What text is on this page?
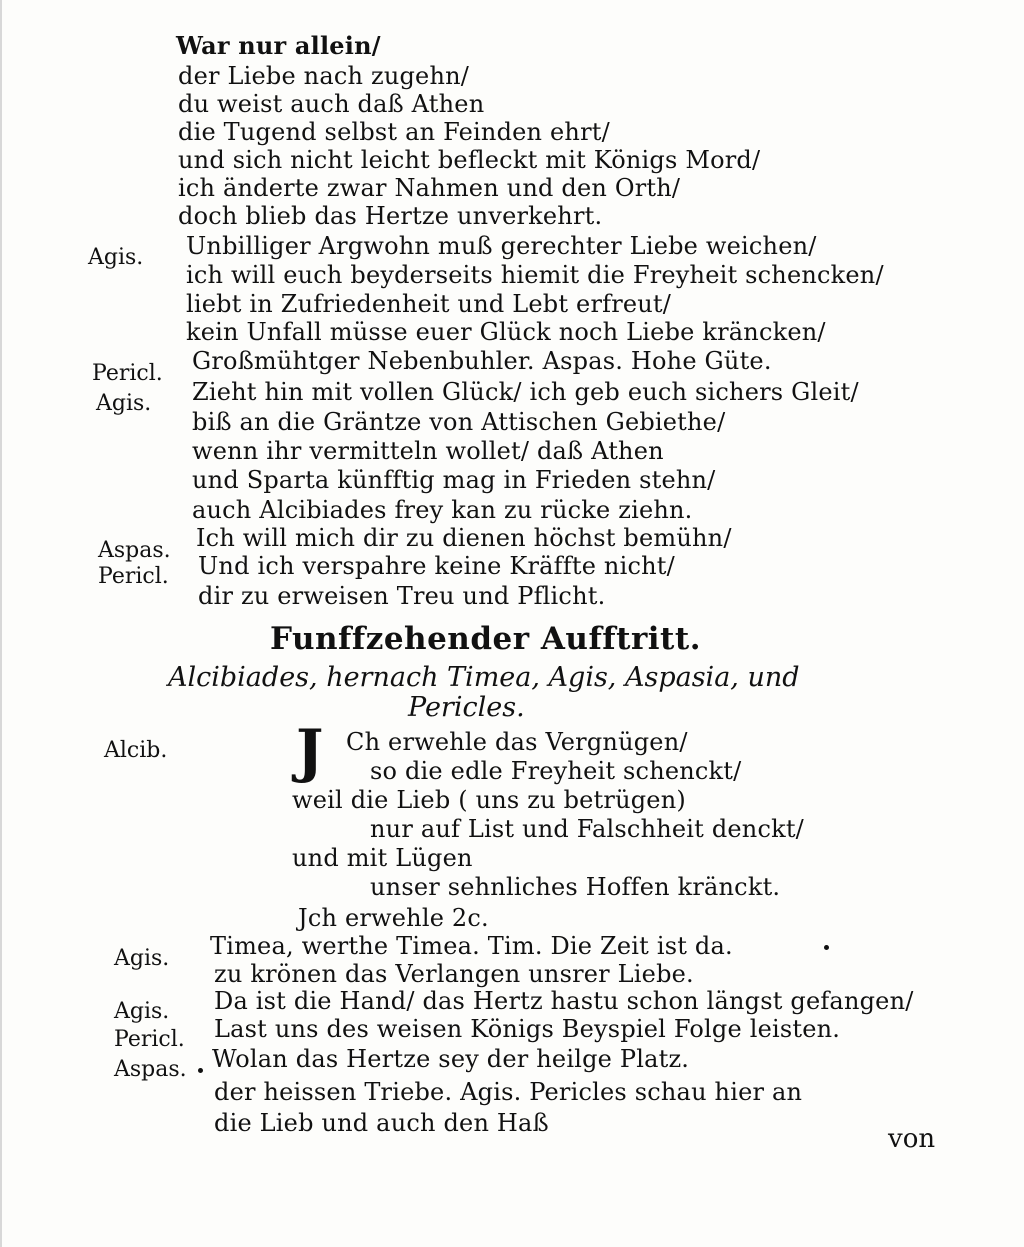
War nur allein/
der Liebe nach zugehn/
du weist auch daß Athen
die Tugend selbst an Feinden ehrt/
und sich nicht leicht befleckt mit Königs Mord/
ich änderte zwar Nahmen und den Orth/
doch blieb das Hertze unverkehrt.
Agis. Unbilliger Argwohn muß gerechter Liebe weichen/
ich will euch beyderseits hiemit die Freyheit schencken/
liebt in Zufriedenheit und Lebt erfreut/
kein Unfall müsse euer Glück noch Liebe kräncken/
Pericl. Großmühtger Nebenbuhler. Aspas. Hohe Güte.
Agis. Zieht hin mit vollen Glück/ ich geb euch sichers Gleit/
biß an die Gräntze von Attischen Gebiethe/
wenn ihr vermitteln wollet/ daß Athen
und Sparta künfftig mag in Frieden stehn/
auch Alcibiades frey kan zu rücke ziehn.
Aspas. Ich will mich dir zu dienen höchst bemühn/
Pericl. Und ich verspahre keine Kräffte nicht/
dir zu erweisen Treu und Pflicht.
Funffzehender Aufftritt.
Alcibiades, hernach Timea, Agis, Aspasia, und
Pericles.
Alcib. J Ch erwehle das Vergnügen/
so die edle Freyheit schenckt/
weil die Lieb ( uns zu betrügen)
nur auf List und Falschheit denckt/
und mit Lügen
unser sehnliches Hoffen kränckt.
Jch erwehle 2c.
Agis. Timea, werthe Timea. Tim. Die Zeit ist da.
zu krönen das Verlangen unsrer Liebe.
Agis. Da ist die Hand/ das Hertz hastu schon längst gefangen/
Pericl. Last uns des weisen Königs Beyspiel Folge leisten.
Aspas. Wolan das Hertze sey der heilge Platz.
der heissen Triebe. Agis. Pericles schau hier an
die Lieb und auch den Haß
von
